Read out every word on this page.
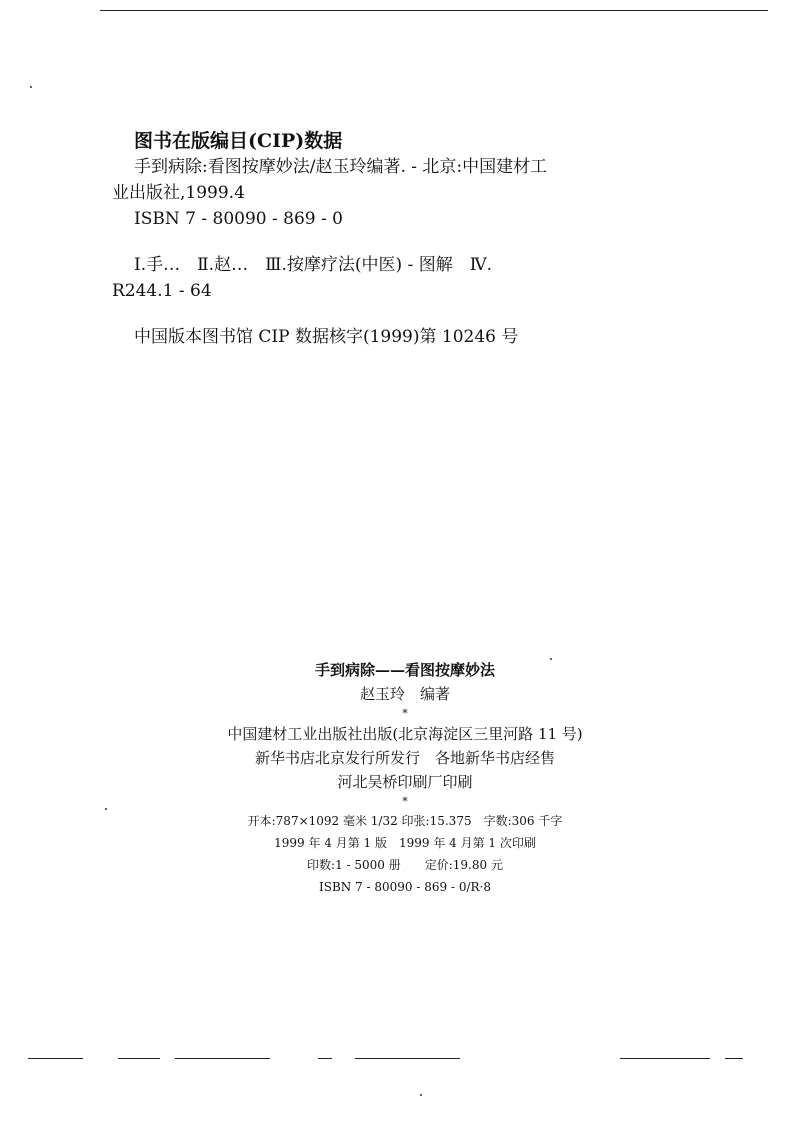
图书在版编目(CIP)数据
手到病除:看图按摩妙法/赵玉玲编著. - 北京:中国建材工
业出版社,1999.4
ISBN 7 - 80090 - 869 - 0
Ⅰ.手…　Ⅱ.赵…　Ⅲ.按摩疗法(中医) - 图解　Ⅳ.
R244.1 - 64
中国版本图书馆 CIP 数据核字(1999)第 10246 号
手到病除——看图按摩妙法
赵玉玲　编著
*
中国建材工业出版社出版(北京海淀区三里河路 11 号)
新华书店北京发行所发行　各地新华书店经售
河北吴桥印刷厂印刷
*
开本:787×1092 毫米 1/32 印张:15.375　字数:306 千字
1999 年 4 月第 1 版　1999 年 4 月第 1 次印刷
印数:1 - 5000 册　　定价:19.80 元
ISBN 7 - 80090 - 869 - 0/R·8
